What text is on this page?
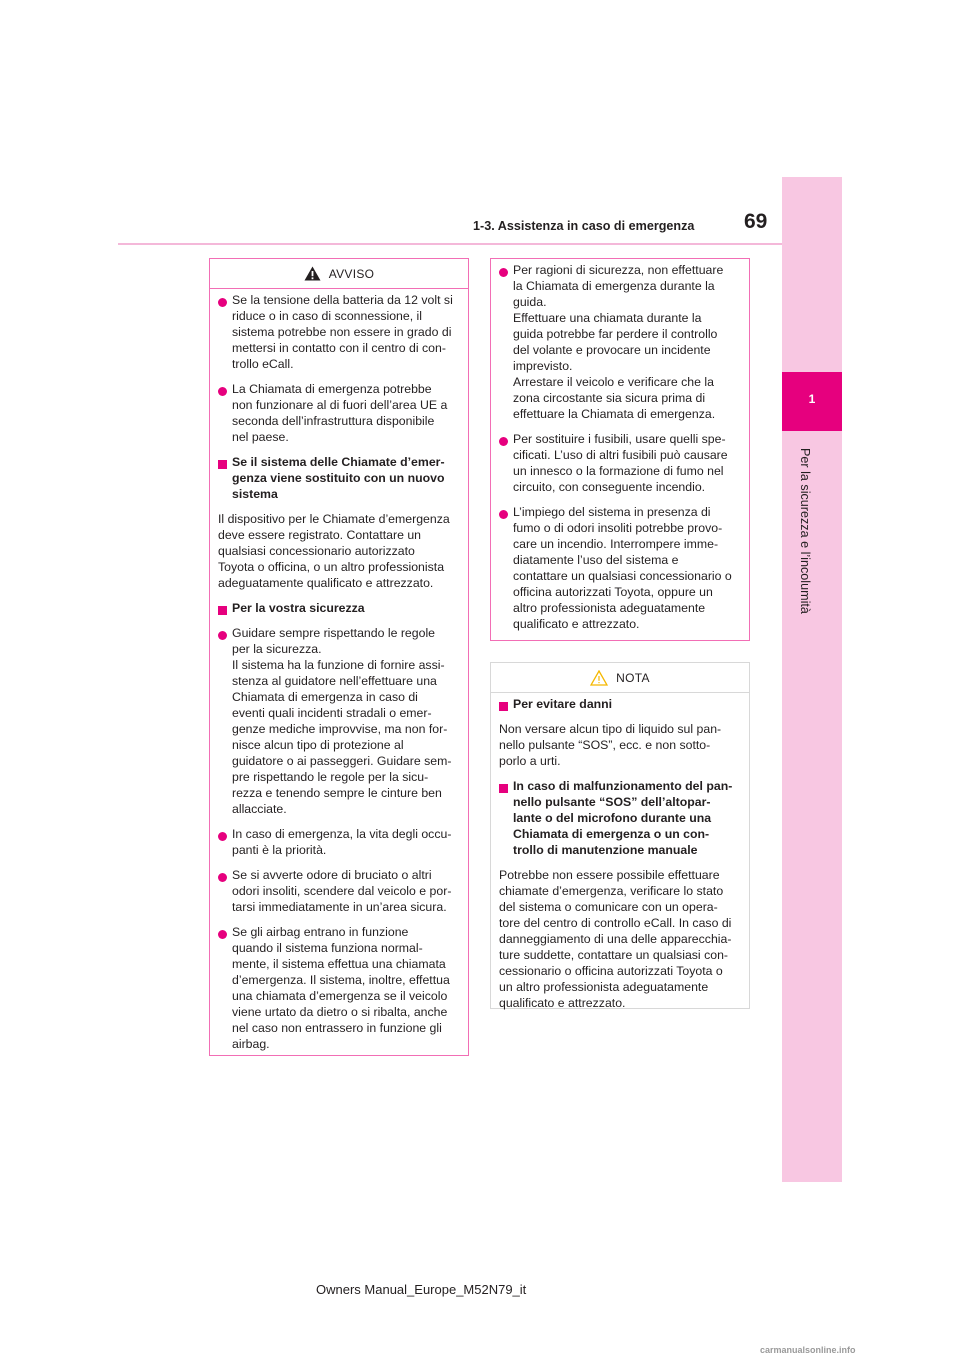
1
Per la sicurezza e l’incolumità
69
1-3. Assistenza in caso di emergenza
AVVISO
Se la tensione della batteria da 12 volt si
riduce o in caso di sconnessione, il
sistema potrebbe non essere in grado di
mettersi in contatto con il centro di con-
trollo eCall.
La Chiamata di emergenza potrebbe
non funzionare al di fuori dell’area UE a
seconda dell’infrastruttura disponibile
nel paese.
Se il sistema delle Chiamate d’emer-
genza viene sostituito con un nuovo
sistema
Il dispositivo per le Chiamate d’emergenza
deve essere registrato. Contattare un
qualsiasi concessionario autorizzato
Toyota o officina, o un altro professionista
adeguatamente qualificato e attrezzato.
Per la vostra sicurezza
Guidare sempre rispettando le regole
per la sicurezza.
Il sistema ha la funzione di fornire assi-
stenza al guidatore nell’effettuare una
Chiamata di emergenza in caso di
eventi quali incidenti stradali o emer-
genze mediche improvvise, ma non for-
nisce alcun tipo di protezione al
guidatore o ai passeggeri. Guidare sem-
pre rispettando le regole per la sicu-
rezza e tenendo sempre le cinture ben
allacciate.
In caso di emergenza, la vita degli occu-
panti è la priorità.
Se si avverte odore di bruciato o altri
odori insoliti, scendere dal veicolo e por-
tarsi immediatamente in un’area sicura.
Se gli airbag entrano in funzione
quando il sistema funziona normal-
mente, il sistema effettua una chiamata
d’emergenza. Il sistema, inoltre, effettua
una chiamata d’emergenza se il veicolo
viene urtato da dietro o si ribalta, anche
nel caso non entrassero in funzione gli
airbag.
Per ragioni di sicurezza, non effettuare
la Chiamata di emergenza durante la
guida.
Effettuare una chiamata durante la
guida potrebbe far perdere il controllo
del volante e provocare un incidente
imprevisto.
Arrestare il veicolo e verificare che la
zona circostante sia sicura prima di
effettuare la Chiamata di emergenza.
Per sostituire i fusibili, usare quelli spe-
cificati. L’uso di altri fusibili può causare
un innesco o la formazione di fumo nel
circuito, con conseguente incendio.
L’impiego del sistema in presenza di
fumo o di odori insoliti potrebbe provo-
care un incendio. Interrompere imme-
diatamente l’uso del sistema e
contattare un qualsiasi concessionario o
officina autorizzati Toyota, oppure un
altro professionista adeguatamente
qualificato e attrezzato.
NOTA
Per evitare danni
Non versare alcun tipo di liquido sul pan-
nello pulsante “SOS”, ecc. e non sotto-
porlo a urti.
In caso di malfunzionamento del pan-
nello pulsante “SOS” dell’altopar-
lante o del microfono durante una
Chiamata di emergenza o un con-
trollo di manutenzione manuale
Potrebbe non essere possibile effettuare
chiamate d’emergenza, verificare lo stato
del sistema o comunicare con un opera-
tore del centro di controllo eCall. In caso di
danneggiamento di una delle apparecchia-
ture suddette, contattare un qualsiasi con-
cessionario o officina autorizzati Toyota o
un altro professionista adeguatamente
qualificato e attrezzato.
Owners Manual_Europe_M52N79_it
carmanualsonline.info
